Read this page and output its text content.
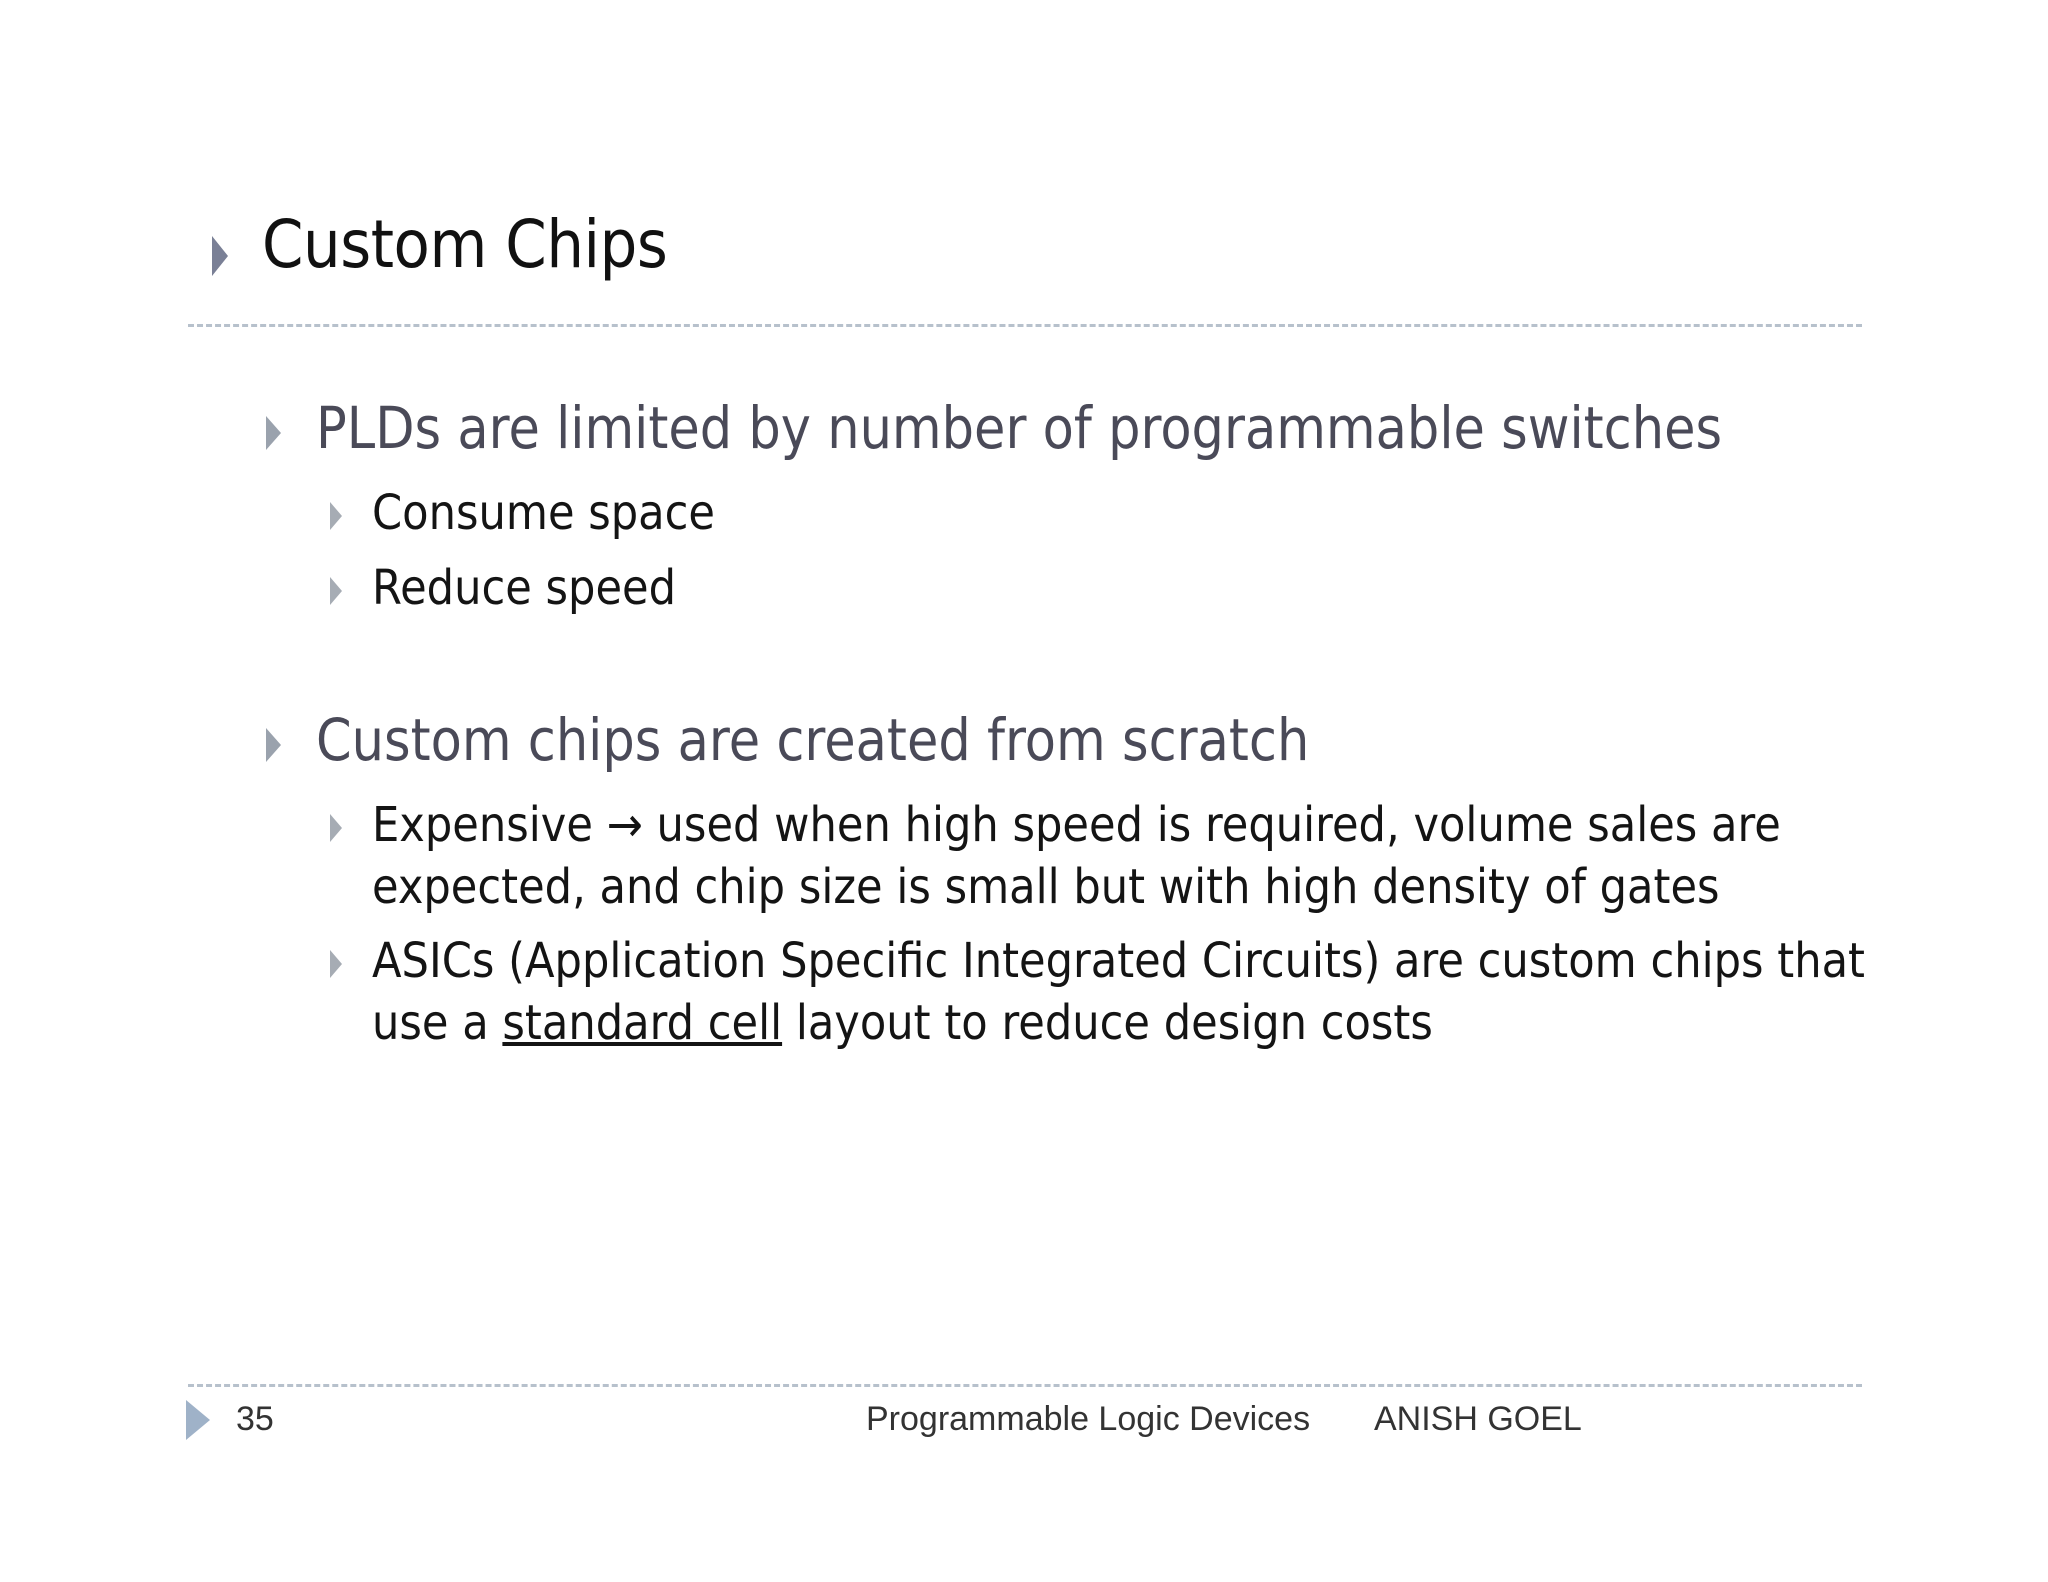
Custom Chips
PLDs are limited by number of programmable switches
Consume space
Reduce speed
Custom chips are created from scratch
Expensive → used when high speed is required, volume sales are
expected, and chip size is small but with high density of gates
ASICs (Application Specific Integrated Circuits) are custom chips that
use a standard cell layout to reduce design costs
35	Programmable Logic Devices ANISH GOEL
